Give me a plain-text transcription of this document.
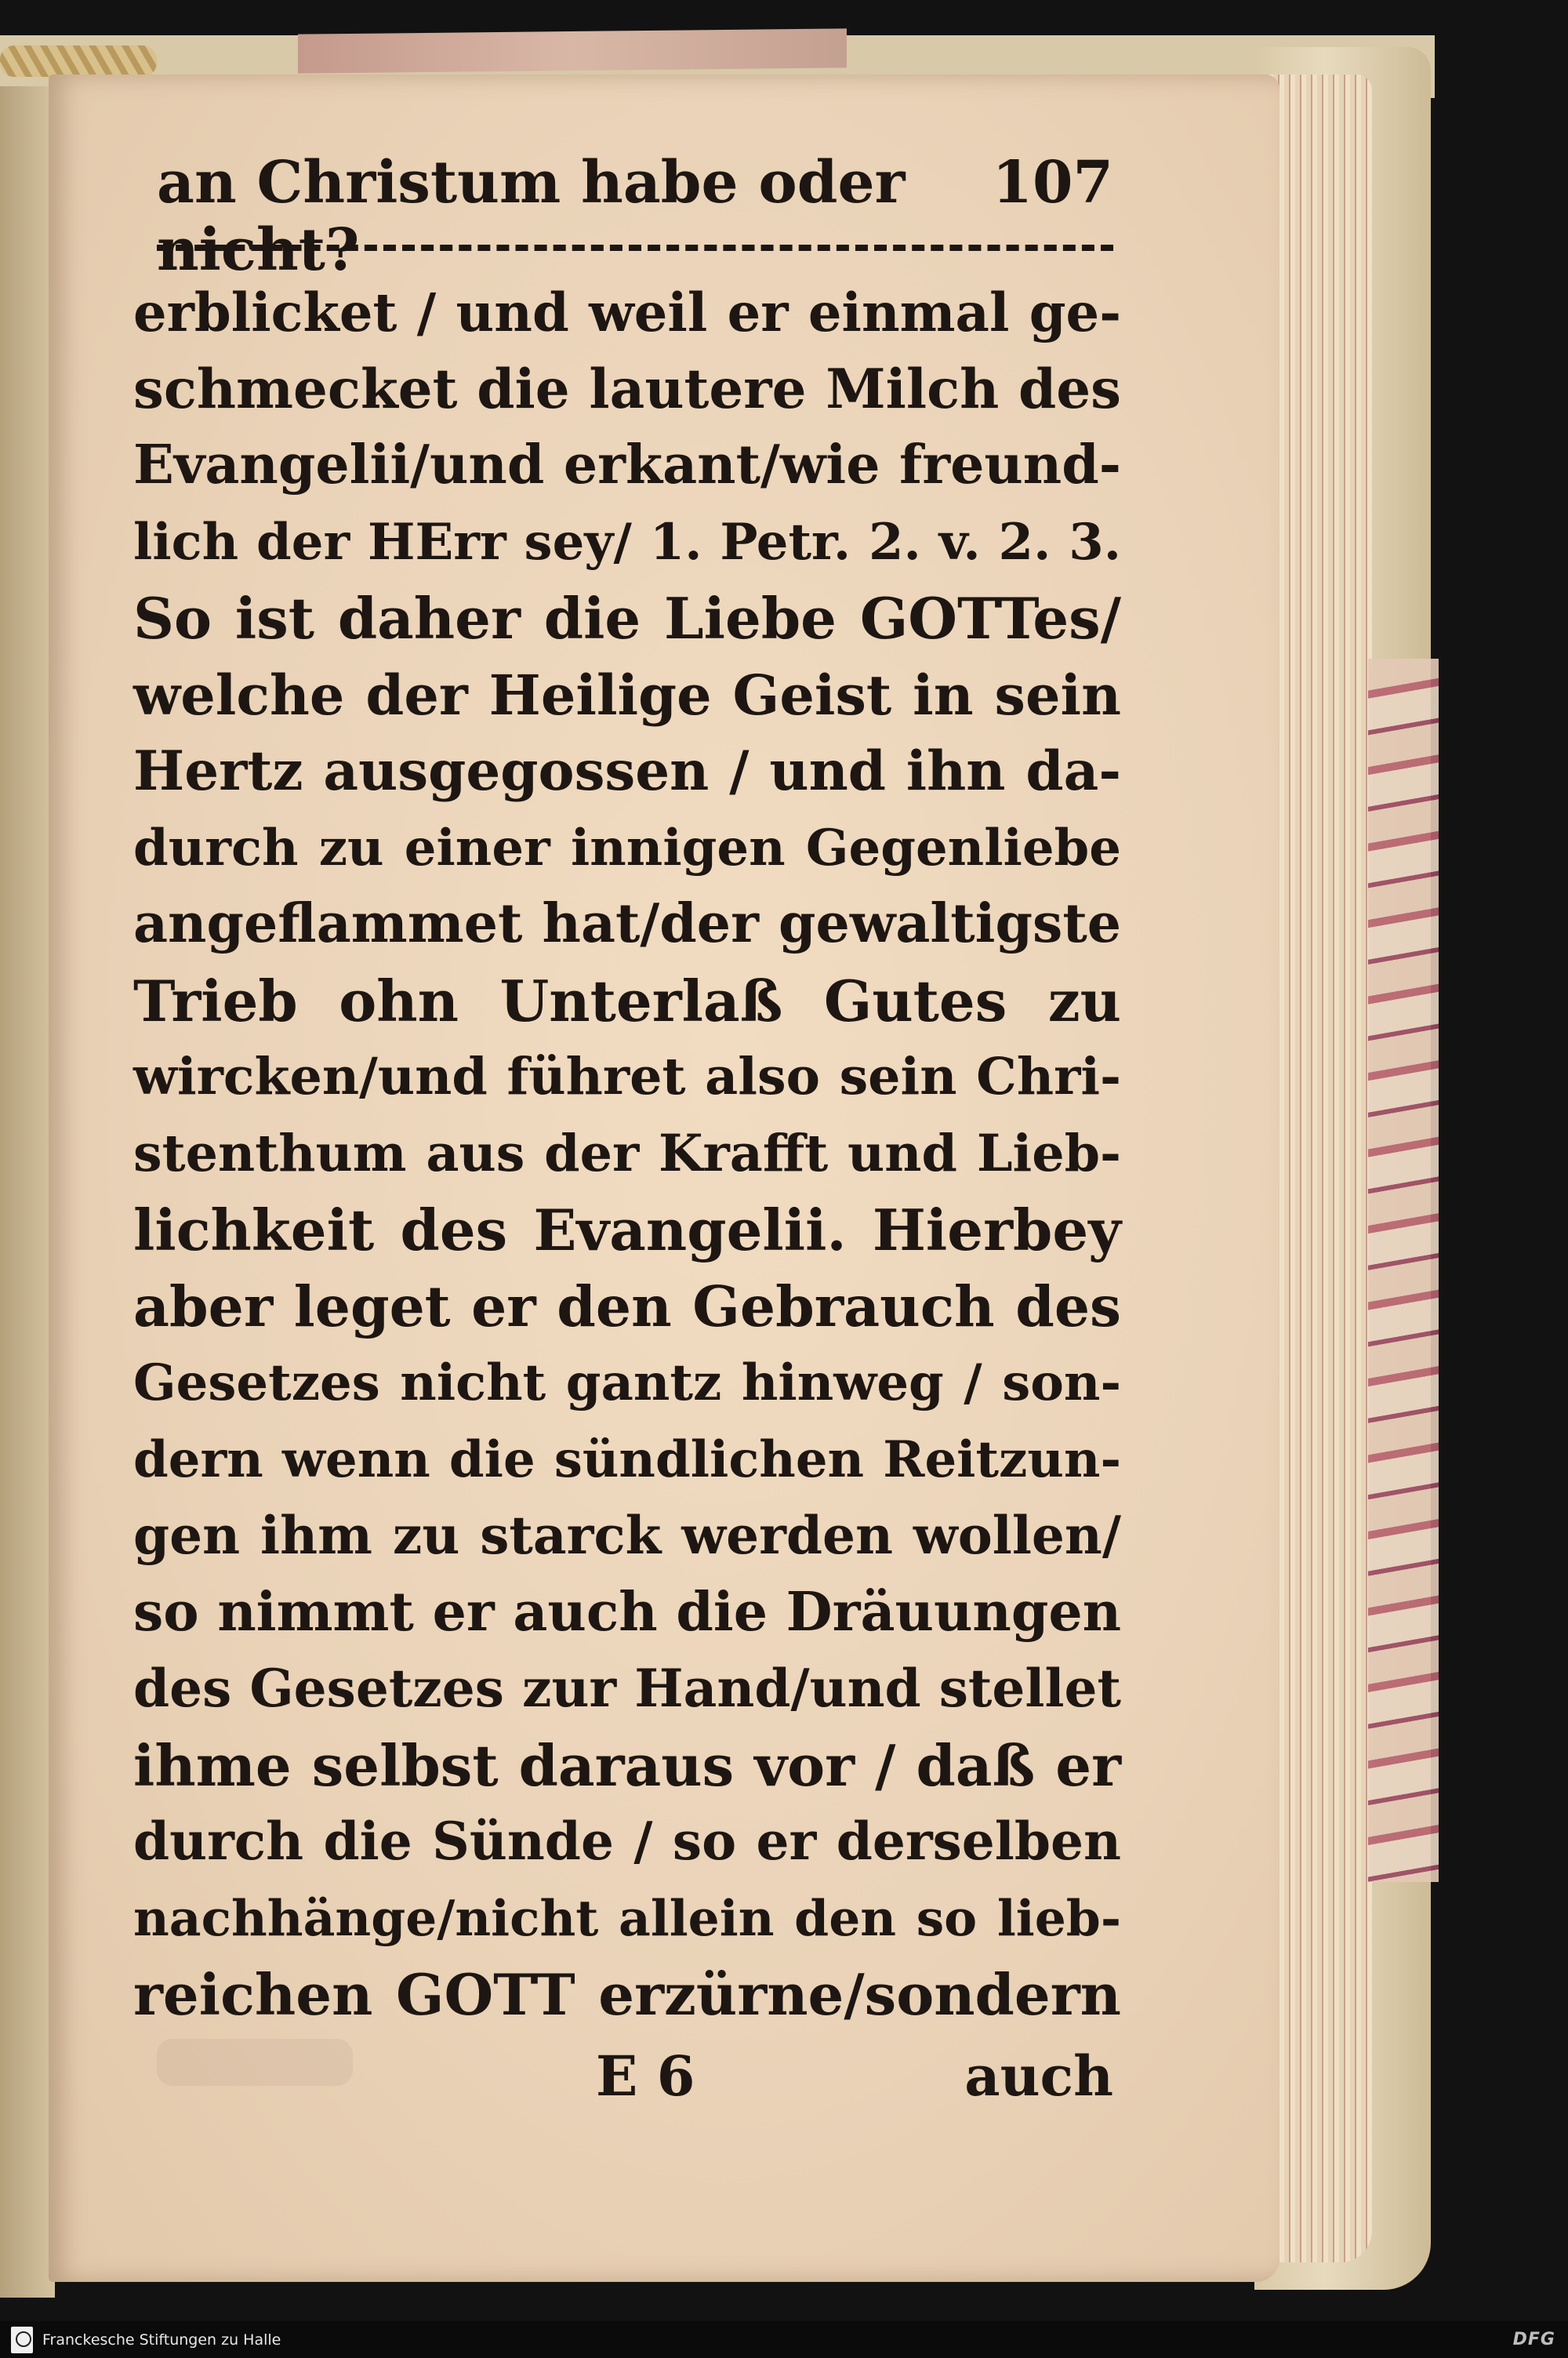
an Christum habe oder nicht?
107
erblicket / und weil er einmal ge-
schmecket die lautere Milch des
Evangelii/und erkant/wie freund-
lich der HErr sey/ 1. Petr. 2. v. 2. 3.
So ist daher die Liebe GOTTes/
welche der Heilige Geist in sein
Hertz ausgegossen / und ihn da-
durch zu einer innigen Gegenliebe
angeflammet hat/der gewaltigste
Trieb ohn Unterlaß Gutes zu
wircken/und führet also sein Chri-
stenthum aus der Krafft und Lieb-
lichkeit des Evangelii. Hierbey
aber leget er den Gebrauch des
Gesetzes nicht gantz hinweg / son-
dern wenn die sündlichen Reitzun-
gen ihm zu starck werden wollen/
so nimmt er auch die Dräuungen
des Gesetzes zur Hand/und stellet
ihme selbst daraus vor / daß er
durch die Sünde / so er derselben
nachhänge/nicht allein den so lieb-
reichen GOTT erzürne/sondern
E 6	auch
Franckesche Stiftungen zu Halle	DFG
